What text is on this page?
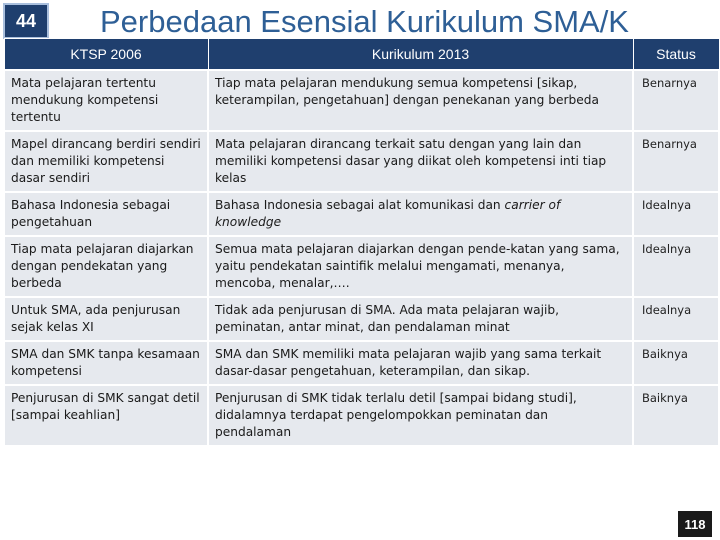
44	Perbedaan Esensial Kurikulum SMA/K
KTSP 2006	Kurikulum 2013	Status
Mata pelajaran tertentu mendukung kompetensi tertentu	Tiap mata pelajaran mendukung semua kompetensi [sikap, keterampilan, pengetahuan] dengan penekanan yang berbeda	Benarnya
Mapel dirancang berdiri sendiri dan memiliki kompetensi dasar sendiri	Mata pelajaran dirancang terkait satu dengan yang lain dan memiliki kompetensi dasar yang diikat oleh kompetensi inti tiap kelas	Benarnya
Bahasa Indonesia sebagai pengetahuan	Bahasa Indonesia sebagai alat komunikasi dan carrier of knowledge	Idealnya
Tiap mata pelajaran diajarkan dengan pendekatan yang berbeda	Semua mata pelajaran diajarkan dengan pende-katan yang sama, yaitu pendekatan saintifik melalui mengamati, menanya, mencoba, menalar,….	Idealnya
Untuk SMA, ada penjurusan sejak kelas XI	Tidak ada penjurusan di SMA. Ada mata pelajaran wajib, peminatan, antar minat, dan pendalaman minat	Idealnya
SMA dan SMK tanpa kesamaan kompetensi	SMA dan SMK memiliki mata pelajaran wajib yang sama terkait dasar-dasar pengetahuan, keterampilan, dan sikap.	Baiknya
Penjurusan di SMK sangat detil [sampai keahlian]	Penjurusan di SMK tidak terlalu detil [sampai bidang studi], didalamnya terdapat pengelompokkan peminatan dan pendalaman	Baiknya
118
